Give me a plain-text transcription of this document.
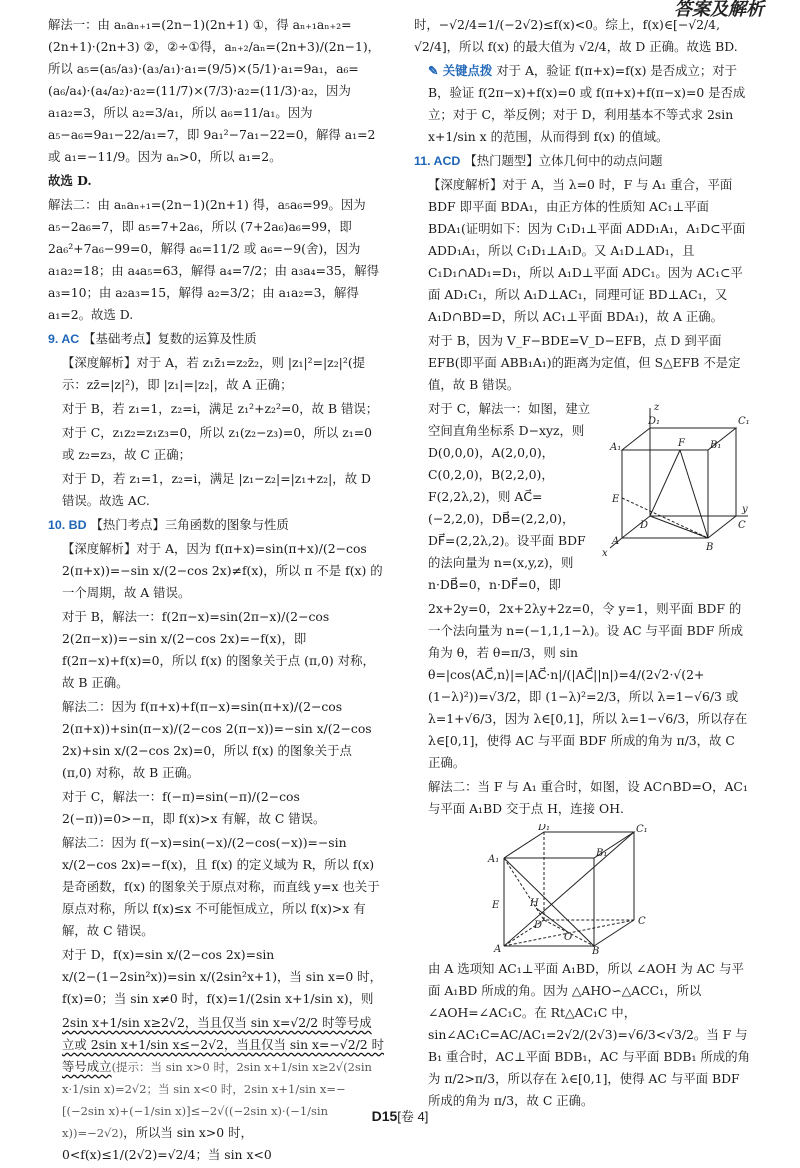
答案及解析

解法一：由 aₙaₙ₊₁=(2n−1)(2n+1) ①，得 aₙ₊₁aₙ₊₂=(2n+1)·(2n+3) ②，②÷①得，aₙ₊₂/aₙ=(2n+3)/(2n−1)，所以 a₅=(a₅/a₃)·(a₃/a₁)·a₁=(9/5)×(5/1)·a₁=9a₁，a₆=(a₆/a₄)·(a₄/a₂)·a₂=(11/7)×(7/3)·a₂=(11/3)·a₂，因为 a₁a₂=3，所以 a₂=3/a₁，所以 a₆=11/a₁。因为 a₅−a₆=9a₁−22/a₁=7，即 9a₁²−7a₁−22=0，解得 a₁=2 或 a₁=−11/9。因为 aₙ>0，所以 a₁=2。

故选 D.

解法二：由 aₙaₙ₊₁=(2n−1)(2n+1) 得，a₅a₆=99。因为 a₅−2a₆=7，即 a₅=7+2a₆，所以 (7+2a₆)a₆=99，即 2a₆²+7a₆−99=0，解得 a₆=11/2 或 a₆=−9(舍)，因为 a₁a₂=18；由 a₄a₅=63，解得 a₄=7/2；由 a₃a₄=35，解得 a₃=10；由 a₂a₃=15，解得 a₂=3/2；由 a₁a₂=3，解得 a₁=2。故选 D.

9. AC 【基础考点】复数的运算及性质

【深度解析】对于 A，若 z₁z̄₁=z₂z̄₂，则 |z₁|²=|z₂|²(提示：zz̄=|z|²)，即 |z₁|=|z₂|，故 A 正确；

对于 B，若 z₁=1，z₂=i，满足 z₁²+z₂²=0，故 B 错误；

对于 C，z₁z₂=z₁z₃=0，所以 z₁(z₂−z₃)=0，所以 z₁=0 或 z₂=z₃，故 C 正确；

对于 D，若 z₁=1，z₂=i，满足 |z₁−z₂|=|z₁+z₂|，故 D 错误。故选 AC.

10. BD 【热门考点】三角函数的图象与性质

【深度解析】对于 A，因为 f(π+x)=sin(π+x)/(2−cos 2(π+x))=−sin x/(2−cos 2x)≠f(x)，所以 π 不是 f(x) 的一个周期，故 A 错误。

对于 B，解法一：f(2π−x)=sin(2π−x)/(2−cos 2(2π−x))=−sin x/(2−cos 2x)=−f(x)，即 f(2π−x)+f(x)=0，所以 f(x) 的图象关于点 (π,0) 对称，故 B 正确。

解法二：因为 f(π+x)+f(π−x)=sin(π+x)/(2−cos 2(π+x))+sin(π−x)/(2−cos 2(π−x))=−sin x/(2−cos 2x)+sin x/(2−cos 2x)=0，所以 f(x) 的图象关于点 (π,0) 对称，故 B 正确。

对于 C，解法一：f(−π)=sin(−π)/(2−cos 2(−π))=0>−π，即 f(x)>x 有解，故 C 错误。

解法二：因为 f(−x)=sin(−x)/(2−cos(−x))=−sin x/(2−cos 2x)=−f(x)，且 f(x) 的定义域为 R，所以 f(x) 是奇函数，f(x) 的图象关于原点对称，而直线 y=x 也关于原点对称，所以 f(x)≤x 不可能恒成立，所以 f(x)>x 有解，故 C 错误。

对于 D，f(x)=sin x/(2−cos 2x)=sin x/(2−(1−2sin²x))=sin x/(2sin²x+1)，当 sin x=0 时，f(x)=0；当 sin x≠0 时，f(x)=1/(2sin x+1/sin x)，则

2sin x+1/sin x≥2√2，当且仅当 sin x=√2/2 时等号成立或 2sin x+1/sin x≤−2√2，当且仅当 sin x=−√2/2 时等号成立(提示：当 sin x>0 时，2sin x+1/sin x≥2√(2sin x·1/sin x)=2√2；当 sin x<0 时，2sin x+1/sin x=−[(−2sin x)+(−1/sin x)]≤−2√((−2sin x)·(−1/sin x))=−2√2)，所以当 sin x>0 时，0<f(x)≤1/(2√2)=√2/4；当 sin x<0

时，−√2/4=1/(−2√2)≤f(x)<0。综上，f(x)∈[−√2/4, √2/4]，所以 f(x) 的最大值为 √2/4，故 D 正确。故选 BD.

✎ 关键点拨 对于 A，验证 f(π+x)=f(x) 是否成立；对于 B，验证 f(2π−x)+f(x)=0 或 f(π+x)+f(π−x)=0 是否成立；对于 C，举反例；对于 D，利用基本不等式求 2sin x+1/sin x 的范围，从而得到 f(x) 的值域。

11. ACD 【热门题型】立体几何中的动点问题

【深度解析】对于 A，当 λ=0 时，F 与 A₁ 重合，平面 BDF 即平面 BDA₁，由正方体的性质知 AC₁⊥平面 BDA₁(证明如下：因为 C₁D₁⊥平面 ADD₁A₁，A₁D⊂平面 ADD₁A₁，所以 C₁D₁⊥A₁D。又 A₁D⊥AD₁，且 C₁D₁∩AD₁=D₁，所以 A₁D⊥平面 ADC₁。因为 AC₁⊂平面 AD₁C₁，所以 A₁D⊥AC₁，同理可证 BD⊥AC₁，又 A₁D∩BD=D，所以 AC₁⊥平面 BDA₁)，故 A 正确。

对于 B，因为 V_F−BDE=V_D−EFB，点 D 到平面 EFB(即平面 ABB₁A₁)的距离为定值，但 S△EFB 不是定值，故 B 错误。

D₁	C₁
A₁	B₁
F
E
D	C
A
B
z
x
y

对于 C，解法一：如图，建立空间直角坐标系 D−xyz，则 D(0,0,0)，A(2,0,0)，C(0,2,0)，B(2,2,0)，F(2,2λ,2)，则 AC⃗=(−2,2,0)，DB⃗=(2,2,0)，DF⃗=(2,2λ,2)。设平面 BDF 的法向量为 n=(x,y,z)，则 n·DB⃗=0，n·DF⃗=0，即

2x+2y=0，2x+2λy+2z=0，令 y=1，则平面 BDF 的一个法向量为 n=(−1,1,1−λ)。设 AC 与平面 BDF 所成角为 θ，若 θ=π/3，则 sin θ=|cos⟨AC⃗,n⟩|=|AC⃗·n|/(|AC⃗||n|)=4/(2√2·√(2+(1−λ)²))=√3/2，即 (1−λ)²=2/3，所以 λ=1−√6/3 或 λ=1+√6/3，因为 λ∈[0,1]，所以 λ=1−√6/3，所以存在 λ∈[0,1]，使得 AC 与平面 BDF 所成的角为 π/3，故 C 正确。

解法二：当 F 与 A₁ 重合时，如图，设 AC∩BD=O，AC₁ 与平面 A₁BD 交于点 H，连接 OH.

D₁	C₁
A₁
B₁
E	H
D	C
A	B
O

由 A 选项知 AC₁⊥平面 A₁BD，所以 ∠AOH 为 AC 与平面 A₁BD 所成的角。因为 △AHO∽△ACC₁，所以 ∠AOH=∠AC₁C。在 Rt△AC₁C 中，sin∠AC₁C=AC/AC₁=2√2/(2√3)=√6/3<√3/2。当 F 与 B₁ 重合时，AC⊥平面 BDB₁，AC 与平面 BDB₁ 所成的角为 π/2>π/3，所以存在 λ∈[0,1]，使得 AC 与平面 BDF 所成的角为 π/3，故 C 正确。

D15[卷 4]
